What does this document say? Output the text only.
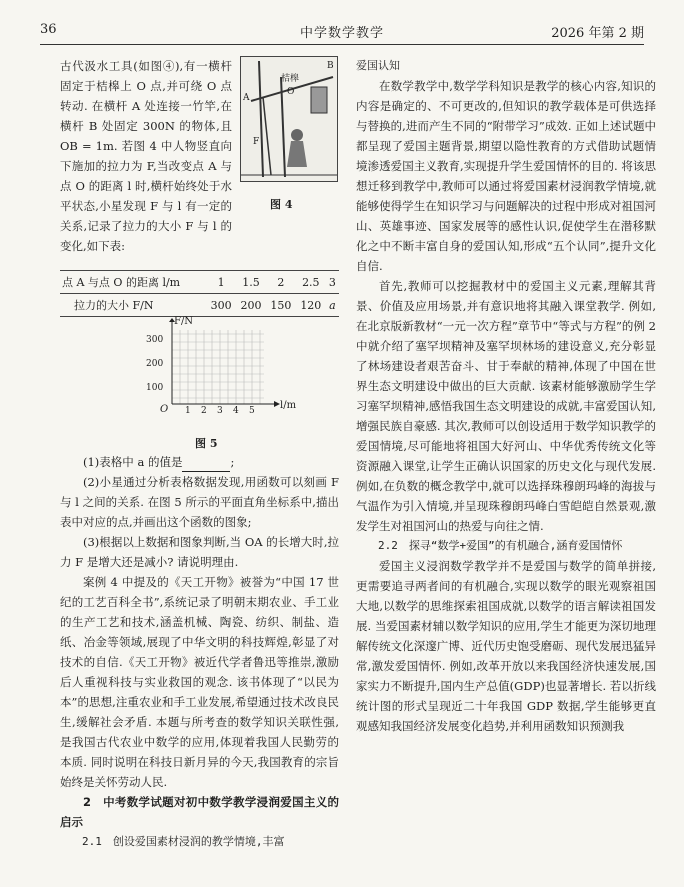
36	中学数学教学	2026 年第 2 期

古代汲水工具(如图④),有一横杆固定于桔槔上 O 点,并可绕 O 点转动. 在横杆 A 处连接一竹竿,在横杆 B 处固定 300N 的物体,且 OB = 1m. 若图 4 中人物竖直向下施加的拉力为 F,当改变点 A 与点 O 的距离 l 时,横杆始终处于水平状态,小星发现 F 与 l 有一定的关系,记录了拉力的大小 F 与 l 的变化,如下表:

桔槔
A
O
B
F
图 4
点 A 与点 O 的距离 l/m	1	1.5	2	2.5	3
拉力的大小 F/N	300	200	150	120	a
F/N
l/m
300
200
100
O 1 2 3 4 5
图 5

(1)表格中 a 的值是	;

(2)小星通过分析表格数据发现,用函数可以刻画 F 与 l 之间的关系. 在图 5 所示的平面直角坐标系中,描出表中对应的点,并画出这个函数的图象;

(3)根据以上数据和图象判断,当 OA 的长增大时,拉力 F 是增大还是减小? 请说明理由.

案例 4 中提及的《天工开物》被誉为“中国 17 世纪的工艺百科全书”,系统记录了明朝末期农业、手工业的生产工艺和技术,涵盖机械、陶瓷、纺织、制盐、造纸、冶金等领域,展现了中华文明的科技辉煌,彰显了对技术的自信.《天工开物》被近代学者鲁迅等推崇,激励后人重视科技与实业救国的观念. 该书体现了“以民为本”的思想,注重农业和手工业发展,希望通过技术改良民生,缓解社会矛盾. 本题与所考查的数学知识关联性强,是我国古代农业中数学的应用,体现着我国人民勤劳的本质. 同时说明在科技日新月异的今天,我国教育的宗旨始终是关怀劳动人民.

2　中考数学试题对初中数学教学浸润爱国主义的启示

2.1　创设爱国素材浸润的教学情境,丰富

爱国认知

在数学教学中,数学学科知识是教学的核心内容,知识的内容是确定的、不可更改的,但知识的教学载体是可供选择与替换的,进而产生不同的“附带学习”成效. 正如上述试题中都呈现了爱国主题背景,期望以隐性教育的方式借助试题情境渗透爱国主义教育,实现提升学生爱国情怀的目的. 将该思想迁移到教学中,教师可以通过将爱国素材浸润教学情境,就能够使得学生在知识学习与问题解决的过程中形成对祖国河山、英雄事迹、国家发展等的感性认识,促使学生在潜移默化之中不断丰富自身的爱国认知,形成“五个认同”,提升文化自信.

首先,教师可以挖掘教材中的爱国主义元素,理解其背景、价值及应用场景,并有意识地将其融入课堂教学. 例如,在北京版新教材“一元一次方程”章节中“等式与方程”的例 2 中就介绍了塞罕坝精神及塞罕坝林场的建设意义,充分彰显了林场建设者艰苦奋斗、甘于奉献的精神,体现了中国在世界生态文明建设中做出的巨大贡献. 该素材能够激励学生学习塞罕坝精神,感悟我国生态文明建设的成就,丰富爱国认知,增强民族自豪感. 其次,教师可以创设适用于数学知识教学的爱国情境,尽可能地将祖国大好河山、中华优秀传统文化等资源融入课堂,让学生正确认识国家的历史文化与现代发展. 例如,在负数的概念教学中,就可以选择珠穆朗玛峰的海拔与气温作为引入情境,并呈现珠穆朗玛峰白雪皑皑自然景观,激发学生对祖国河山的热爱与向往之情.

2.2　探寻“数学+爱国”的有机融合,涵育爱国情怀

爱国主义浸润数学教学并不是爱国与数学的简单拼接,更需要追寻两者间的有机融合,实现以数学的眼光观察祖国大地,以数学的思维探索祖国成就,以数学的语言解读祖国发展. 当爱国素材辅以数学知识的应用,学生才能更为深切地理解传统文化深邃广博、近代历史饱受磨砺、现代发展迅猛异常,激发爱国情怀. 例如,改革开放以来我国经济快速发展,国家实力不断提升,国内生产总值(GDP)也显著增长. 若以折线统计图的形式呈现近二十年我国 GDP 数据,学生能够更直观感知我国经济发展变化趋势,并利用函数知识预测我
